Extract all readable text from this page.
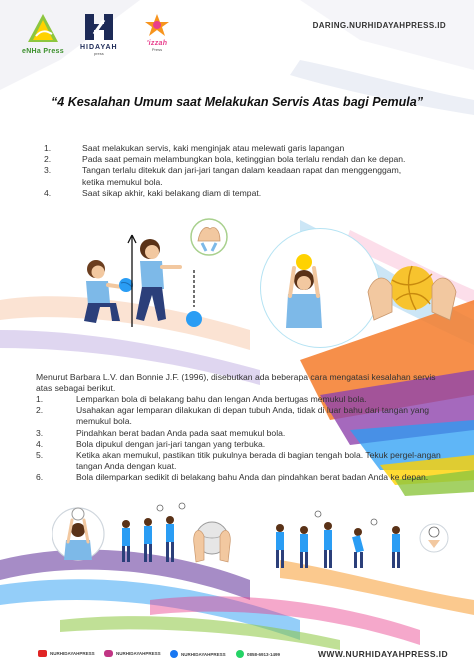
eNHa Press
HIDAYAH
press
'izzah
Press
DARING.NURHIDAYAHPRESS.ID
“4 Kesalahan Umum saat Melakukan Servis Atas bagi Pemula”
1.	Saat melakukan servis, kaki menginjak atau melewati garis lapangan
2.	Pada saat pemain melambungkan bola, ketinggian bola terlalu rendah dan ke depan.
3.	Tangan terlalu ditekuk dan jari-jari tangan dalam keadaan rapat dan menggenggam, ketika memukul bola.
4.	Saat sikap akhir, kaki belakang diam di tempat.
Menurut Barbara L.V. dan Bonnie J.F. (1996), disebutkan ada beberapa cara mengatasi kesalahan servis atas sebagai berikut.
1.	Lemparkan bola di belakang bahu dan lengan Anda bertugas memukul bola.
2.	Usahakan agar lemparan dilakukan di depan tubuh Anda, tidak di luar bahu dari tangan yang memukul bola.
3.	Pindahkan berat badan Anda pada saat memukul bola.
4.	Bola dipukul dengan jari-jari tangan yang terbuka.
5.	Ketika akan memukul, pastikan titik pukulnya berada di bagian tengah bola. Tekuk pergel-angan tangan Anda dengan kuat.
6.	Bola dilemparkan sedikit di belakang bahu Anda dan pindahkan berat badan Anda ke depan.
NURHIDAYAHPRESS	NURHIDAYAHPRESS	NURHIDAYAHPRESS	0858-6913-1499	WWW.NURHIDAYAHPRESS.ID
